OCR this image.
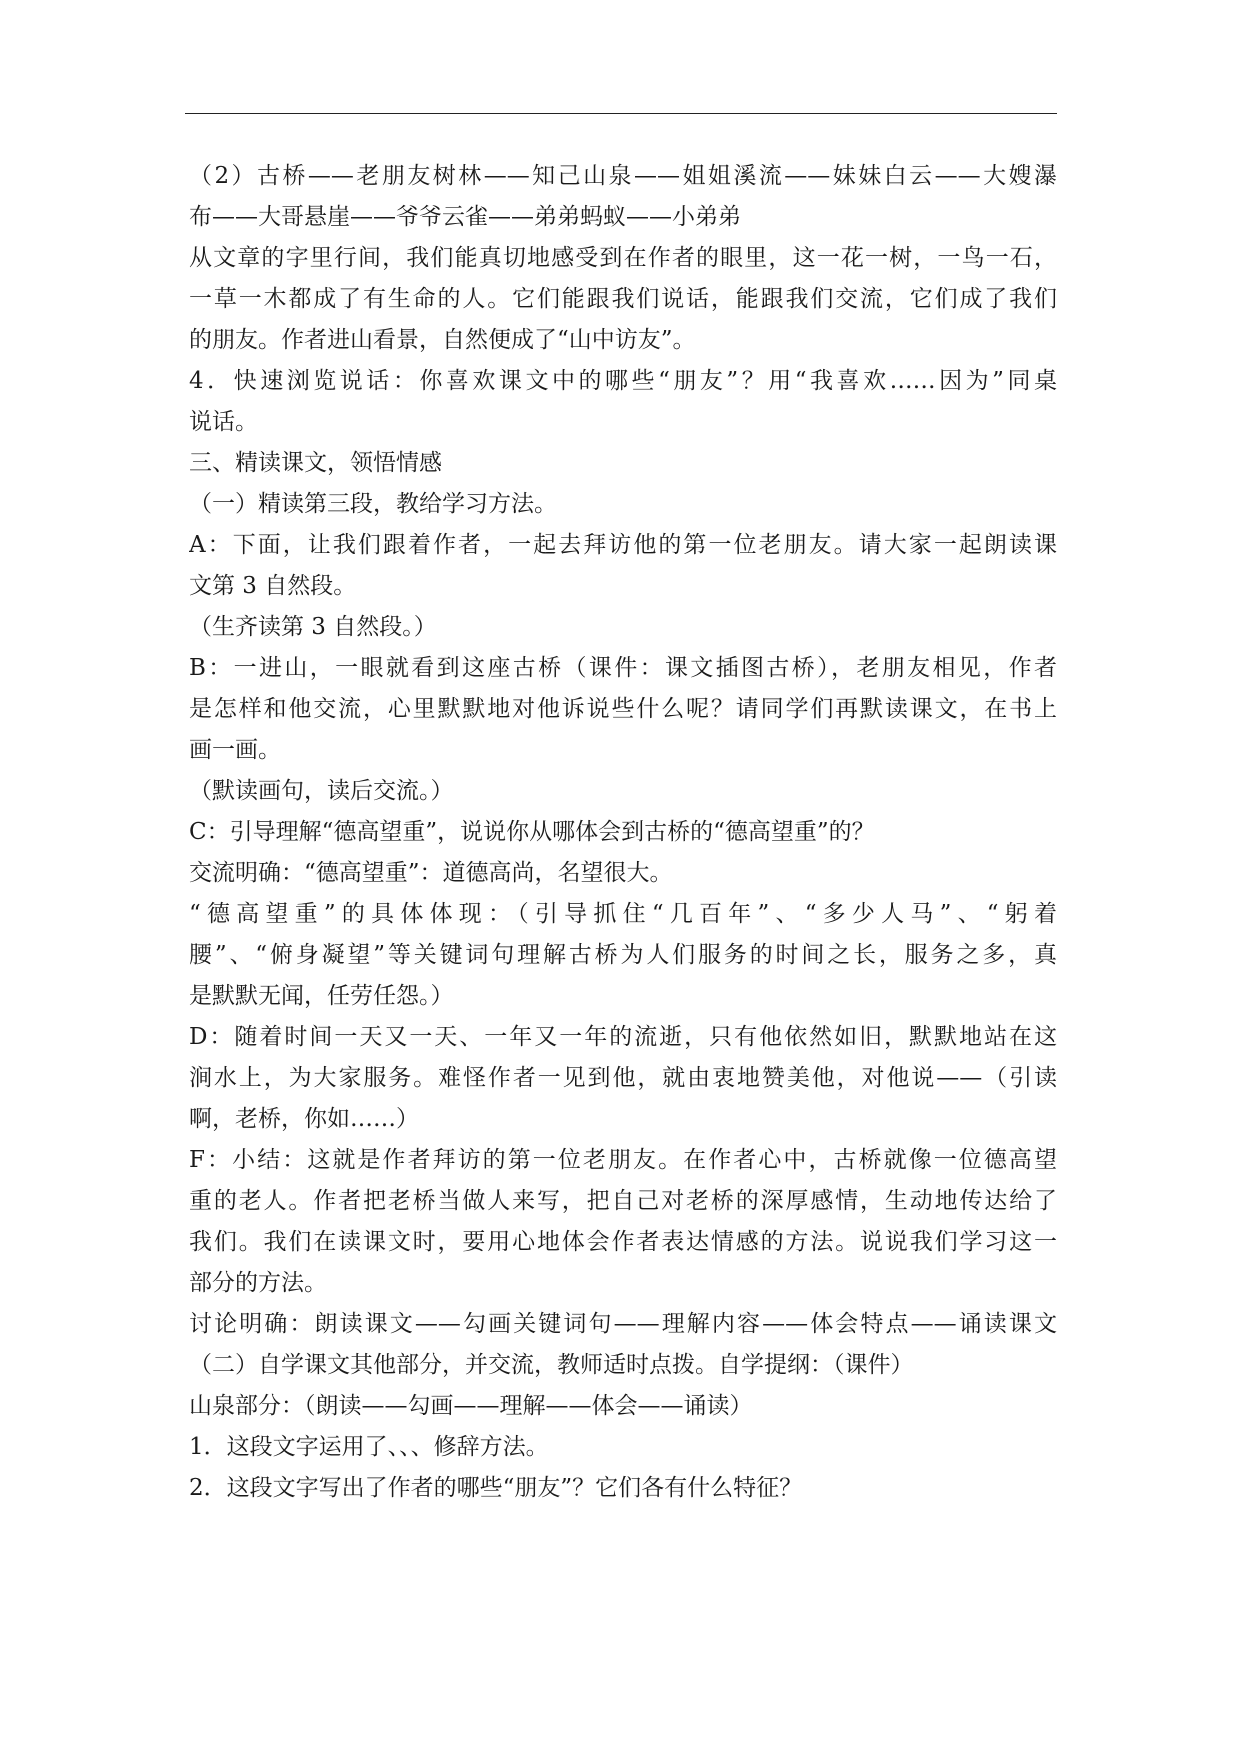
（2）古桥——老朋友树林——知己山泉——姐姐溪流——妹妹白云——大嫂瀑
布——大哥悬崖——爷爷云雀——弟弟蚂蚁——小弟弟
从文章的字里行间，我们能真切地感受到在作者的眼里，这一花一树，一鸟一石，
一草一木都成了有生命的人。它们能跟我们说话，能跟我们交流，它们成了我们
的朋友。作者进山看景，自然便成了“山中访友”。
4．快速浏览说话：你喜欢课文中的哪些“朋友”？用“我喜欢……因为”同桌
说话。
三、精读课文，领悟情感
（一）精读第三段，教给学习方法。
A：下面，让我们跟着作者，一起去拜访他的第一位老朋友。请大家一起朗读课
文第 3 自然段。
（生齐读第 3 自然段。）
B：一进山，一眼就看到这座古桥（课件：课文插图古桥），老朋友相见，作者
是怎样和他交流，心里默默地对他诉说些什么呢？请同学们再默读课文，在书上
画一画。
（默读画句，读后交流。）
C：引导理解“德高望重”，说说你从哪体会到古桥的“德高望重”的？
交流明确：“德高望重”：道德高尚，名望很大。
“德高望重”的具体体现：（引导抓住“几百年”、“多少人马”、“躬着
腰”、“俯身凝望”等关键词句理解古桥为人们服务的时间之长，服务之多，真
是默默无闻，任劳任怨。）
D：随着时间一天又一天、一年又一年的流逝，只有他依然如旧，默默地站在这
涧水上，为大家服务。难怪作者一见到他，就由衷地赞美他，对他说——（引读
啊，老桥，你如……）
F：小结：这就是作者拜访的第一位老朋友。在作者心中，古桥就像一位德高望
重的老人。作者把老桥当做人来写，把自己对老桥的深厚感情，生动地传达给了
我们。我们在读课文时，要用心地体会作者表达情感的方法。说说我们学习这一
部分的方法。
讨论明确：朗读课文——勾画关键词句——理解内容——体会特点——诵读课文
（二）自学课文其他部分，并交流，教师适时点拨。自学提纲：（课件）
山泉部分：（朗读——勾画——理解——体会——诵读）
1．这段文字运用了、、、修辞方法。
2．这段文字写出了作者的哪些“朋友”？它们各有什么特征？
